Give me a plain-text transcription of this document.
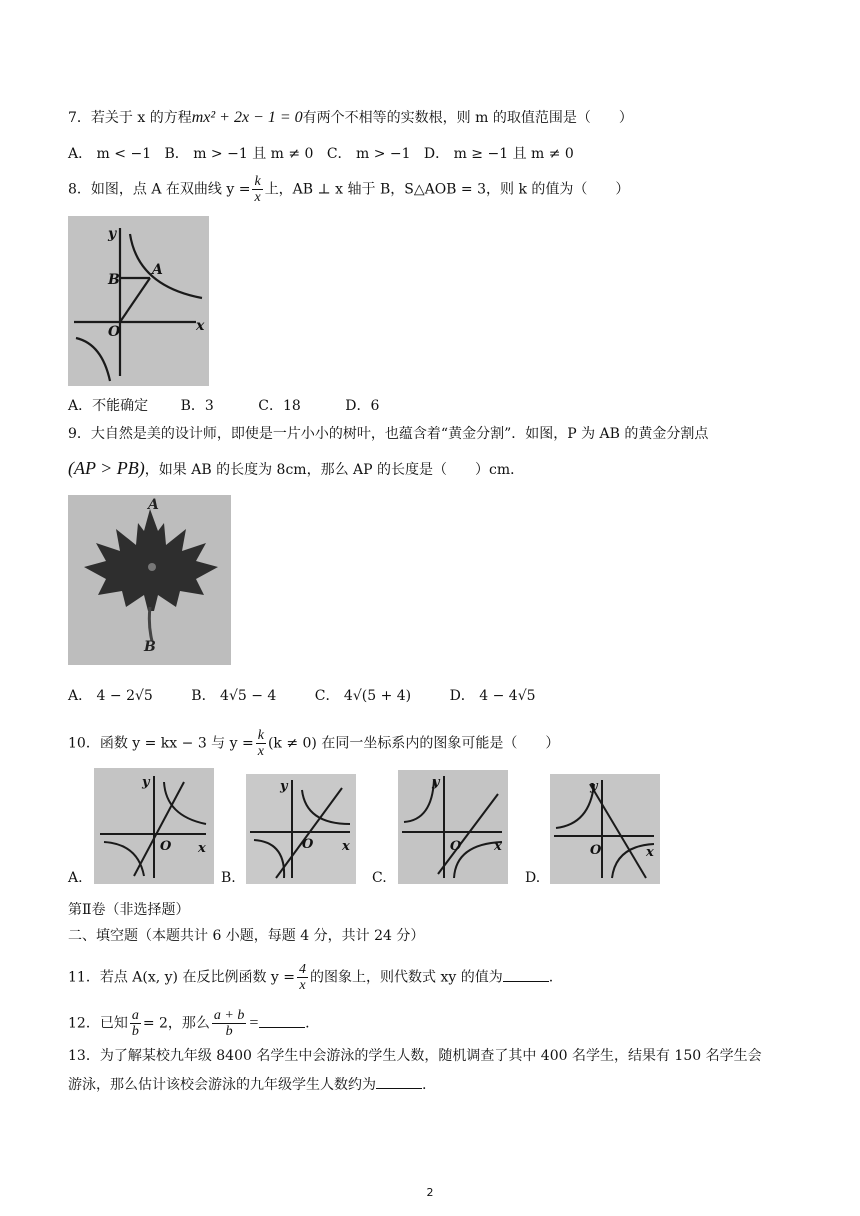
7．若关于 x 的方程mx² + 2x − 1 = 0有两个不相等的实数根，则 m 的取值范围是（　　）
A． m < −1 B． m > −1 且 m ≠ 0 C． m > −1 D． m ≥ −1 且 m ≠ 0
8．如图，点 A 在双曲线 $y = \frac{k}{x}$ 上，AB ⊥ x 轴于 B，S△AOB = 3，则 k 的值为（　　）
y
x
O
A
B
A．不能确定 B．3	C．18	D．6
9．大自然是美的设计师，即使是一片小小的树叶，也蕴含着“黄金分割”．如图，P 为 AB 的黄金分割点
(AP > PB)，如果 AB 的长度为 8cm，那么 AP 的长度是（　　）cm．
A
B
A． 4 − 2√5	B． 4√5 − 4	C． 4√(5 + 4)	D． 4 − 4√5
10．函数 y = kx − 3 与 $y = \frac{k}{x} (k \ne 0)$ 在同一坐标系内的图象可能是（　　）
A.
y
x
O
B.
y
x
O
C.
y
x
O
D.
y
x
O
第Ⅱ卷（非选择题）
二、填空题（本题共计 6 小题，每题 4 分，共计 24 分）
11．若点 A(x, y) 在反比例函数 $y = \frac{4}{x}$ 的图象上，则代数式 xy 的值为	.
12．已知 $\frac{a}{b} = 2$，那么 $\frac{a + b}{b}$ =	.
13．为了解某校九年级 8400 名学生中会游泳的学生人数，随机调查了其中 400 名学生，结果有 150 名学生会
游泳，那么估计该校会游泳的九年级学生人数约为	.
2
